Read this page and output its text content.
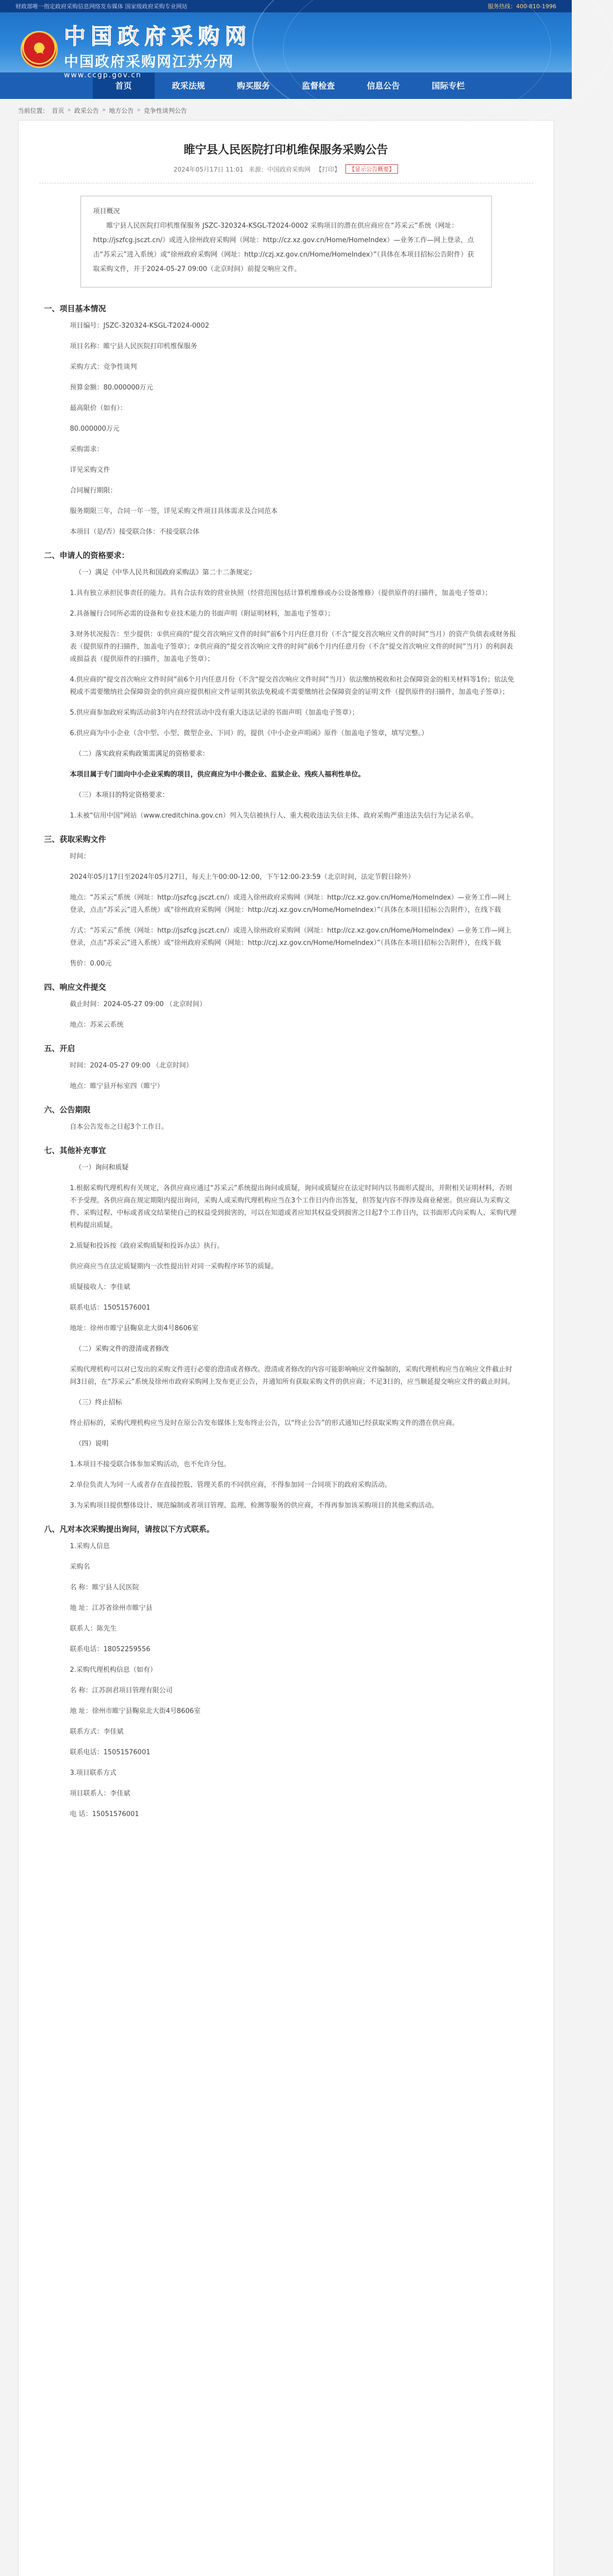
财政部唯一指定政府采购信息网络发布媒体 国家级政府采购专业网站	服务热线：400-810-1996
★
中国政府采购网
中国政府采购网江苏分网
www.ccgp.gov.cn
首页	政采法规	购买服务	监督检查	信息公告	国际专栏
当前位置： 首页 » 政采公告 » 地方公告 » 竞争性谈判公告
睢宁县人民医院打印机维保服务采购公告
2024年05月17日 11:01 来源：中国政府采购网 【打印】	【显示公告概要】
项目概况
睢宁县人民医院打印机维保服务 JSZC-320324-KSGL-T2024-0002 采购项目的潜在供应商应在“苏采云”系统（网址：http://jszfcg.jsczt.cn/）或进入徐州政府采购网（网址：http://cz.xz.gov.cn/Home/HomeIndex）—业务工作—网上登录，点击“苏采云”进入系统）或“徐州政府采购网（网址：http://czj.xz.gov.cn/Home/HomeIndex）”（具体在本项目招标公告附件）获取采购文件，并于2024-05-27 09:00（北京时间）前提交响应文件。
一、项目基本情况
项目编号：JSZC-320324-KSGL-T2024-0002
项目名称：睢宁县人民医院打印机维保服务
采购方式：竞争性谈判
预算金额：80.000000万元
最高限价（如有）：
80.000000万元
采购需求：
详见采购文件
合同履行期限：
服务期限三年，合同一年一签，详见采购文件项目具体需求及合同范本
本项目（是/否）接受联合体：不接受联合体
二、申请人的资格要求：
（一）满足《中华人民共和国政府采购法》第二十二条规定；
1.具有独立承担民事责任的能力。具有合法有效的营业执照（经营范围包括计算机维修或办公设备维修）（提供原件的扫描件，加盖电子签章）；
2.具备履行合同所必需的设备和专业技术能力的书面声明（附证明材料，加盖电子签章）；
3.财务状况报告：至少提供：①供应商的“提交首次响应文件的时间”前6个月内任意月份（不含“提交首次响应文件的时间”当月）的资产负债表或财务报表（提供原件的扫描件，加盖电子签章）；②供应商的“提交首次响应文件的时间”前6个月内任意月份（不含“提交首次响应文件的时间”当月）的利润表或损益表（提供原件的扫描件，加盖电子签章）；
4.供应商的“提交首次响应文件时间”前6个月内任意月份（不含“提交首次响应文件时间”当月）依法缴纳税收和社会保障资金的相关材料等1份；依法免税或不需要缴纳社会保障资金的供应商应提供相应文件证明其依法免税或不需要缴纳社会保障资金的证明文件（提供原件的扫描件，加盖电子签章）；
5.供应商参加政府采购活动前3年内在经营活动中没有重大违法记录的书面声明（加盖电子签章）；
6.供应商为中小企业（含中型、小型、微型企业、下同）的，提供《中小企业声明函》原件（加盖电子签章，填写完整。）
（二）落实政府采购政策需满足的资格要求：
本项目属于专门面向中小企业采购的项目，供应商应为中小微企业、监狱企业、残疾人福利性单位。
（三）本项目的特定资格要求：
1.未被“信用中国”网站（www.creditchina.gov.cn）列入失信被执行人、重大税收违法失信主体、政府采购严重违法失信行为记录名单。
三、获取采购文件
时间：
2024年05月17日至2024年05月27日，每天上午00:00-12:00，下午12:00-23:59（北京时间，法定节假日除外）
地点：“苏采云”系统（网址：http://jszfcg.jsczt.cn/）或进入徐州政府采购网（网址：http://cz.xz.gov.cn/Home/HomeIndex）—业务工作—网上登录，点击“苏采云”进入系统）或“徐州政府采购网（网址：http://czj.xz.gov.cn/Home/HomeIndex）”（具体在本项目招标公告附件），在线下载
方式：“苏采云”系统（网址：http://jszfcg.jsczt.cn/）或进入徐州政府采购网（网址：http://cz.xz.gov.cn/Home/HomeIndex）—业务工作—网上登录，点击“苏采云”进入系统）或“徐州政府采购网（网址：http://czj.xz.gov.cn/Home/HomeIndex）”（具体在本项目招标公告附件），在线下载
售价：0.00元
四、响应文件提交
截止时间：2024-05-27 09:00 （北京时间）
地点：苏采云系统
五、开启
时间：2024-05-27 09:00 （北京时间）
地点：睢宁县开标室四（睢宁）
六、公告期限
自本公告发布之日起3个工作日。
七、其他补充事宜
（一）询问和质疑
1.根据采购代理机构有关规定，各供应商应通过“苏采云”系统提出询问或质疑，询问或质疑应在法定时间内以书面形式提出，并附相关证明材料，否则不予受理。各供应商在规定期限内提出询问，采购人或采购代理机构应当在3个工作日内作出答复，但答复内容不得涉及商业秘密。供应商认为采购文件、采购过程、中标或者成交结果使自己的权益受到损害的，可以在知道或者应知其权益受到损害之日起7个工作日内，以书面形式向采购人、采购代理机构提出质疑。
2.质疑和投诉按《政府采购质疑和投诉办法》执行。
供应商应当在法定质疑期内一次性提出针对同一采购程序环节的质疑。
质疑接收人：李佳斌
联系电话：15051576001
地址：徐州市睢宁县鞠泉北大街4号8606室
（二）采购文件的澄清或者修改
采购代理机构可以对已发出的采购文件进行必要的澄清或者修改。澄清或者修改的内容可能影响响应文件编制的，采购代理机构应当在响应文件截止时间3日前，在“苏采云”系统及徐州市政府采购网上发布更正公告，并通知所有获取采购文件的供应商；不足3日的，应当顺延提交响应文件的截止时间。
（三）终止招标
终止招标的，采购代理机构应当及时在原公告发布媒体上发布终止公告，以“终止公告”的形式通知已经获取采购文件的潜在供应商。
（四）说明
1.本项目不接受联合体参加采购活动，也不允许分包。
2.单位负责人为同一人或者存在直接控股、管理关系的不同供应商，不得参加同一合同项下的政府采购活动。
3.为采购项目提供整体设计、规范编制或者项目管理、监理、检测等服务的供应商，不得再参加该采购项目的其他采购活动。
八、凡对本次采购提出询问，请按以下方式联系。
1.采购人信息
采购名
名 称：睢宁县人民医院
地 址：江苏省徐州市睢宁县
联系人：陈先生
联系电话：18052259556
2.采购代理机构信息（如有）
名 称：江苏润君项目管理有限公司
地 址：徐州市睢宁县鞠泉北大街4号8606室
联系方式：李佳斌
联系电话：15051576001
3.项目联系方式
项目联系人：李佳斌
电 话：15051576001
